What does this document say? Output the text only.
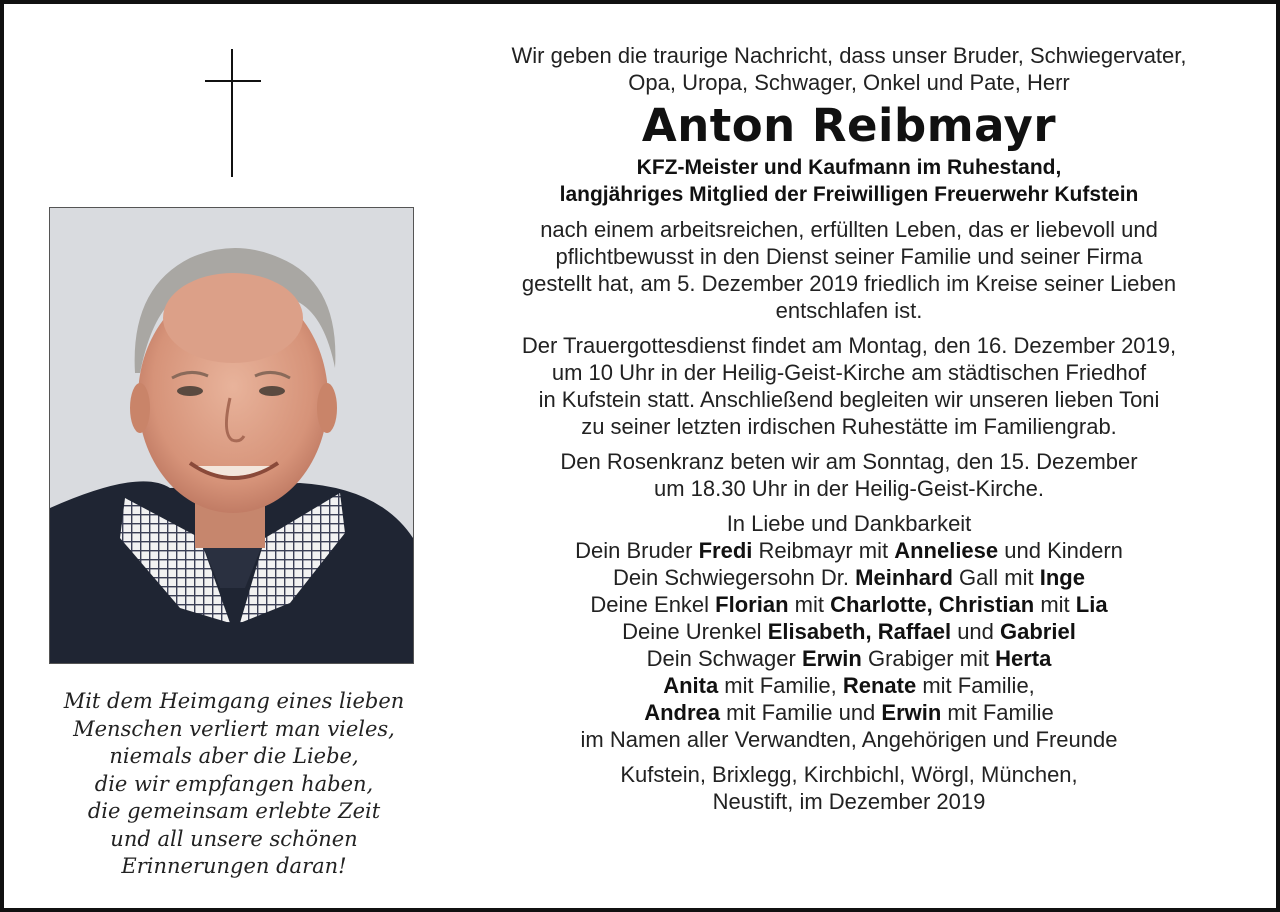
Mit dem Heimgang eines lieben
Menschen verliert man vieles,
niemals aber die Liebe,
die wir empfangen haben,
die gemeinsam erlebte Zeit
und all unsere schönen
Erinnerungen daran!
Wir geben die traurige Nachricht, dass unser Bruder, Schwiegervater,
Opa, Uropa, Schwager, Onkel und Pate, Herr
Anton Reibmayr
KFZ-Meister und Kaufmann im Ruhestand,
langjähriges Mitglied der Freiwilligen Freuerwehr Kufstein
nach einem arbeitsreichen, erfüllten Leben, das er liebevoll und
pflichtbewusst in den Dienst seiner Familie und seiner Firma
gestellt hat, am 5. Dezember 2019 friedlich im Kreise seiner Lieben
entschlafen ist.
Der Trauergottesdienst findet am Montag, den 16. Dezember 2019,
um 10 Uhr in der Heilig-Geist-Kirche am städtischen Friedhof
in Kufstein statt. Anschließend begleiten wir unseren lieben Toni
zu seiner letzten irdischen Ruhestätte im Familiengrab.
Den Rosenkranz beten wir am Sonntag, den 15. Dezember
um 18.30 Uhr in der Heilig-Geist-Kirche.
In Liebe und Dankbarkeit
Dein Bruder Fredi Reibmayr mit Anneliese und Kindern
Dein Schwiegersohn Dr. Meinhard Gall mit Inge
Deine Enkel Florian mit Charlotte, Christian mit Lia
Deine Urenkel Elisabeth, Raffael und Gabriel
Dein Schwager Erwin Grabiger mit Herta
Anita mit Familie, Renate mit Familie,
Andrea mit Familie und Erwin mit Familie
im Namen aller Verwandten, Angehörigen und Freunde
Kufstein, Brixlegg, Kirchbichl, Wörgl, München,
Neustift, im Dezember 2019
